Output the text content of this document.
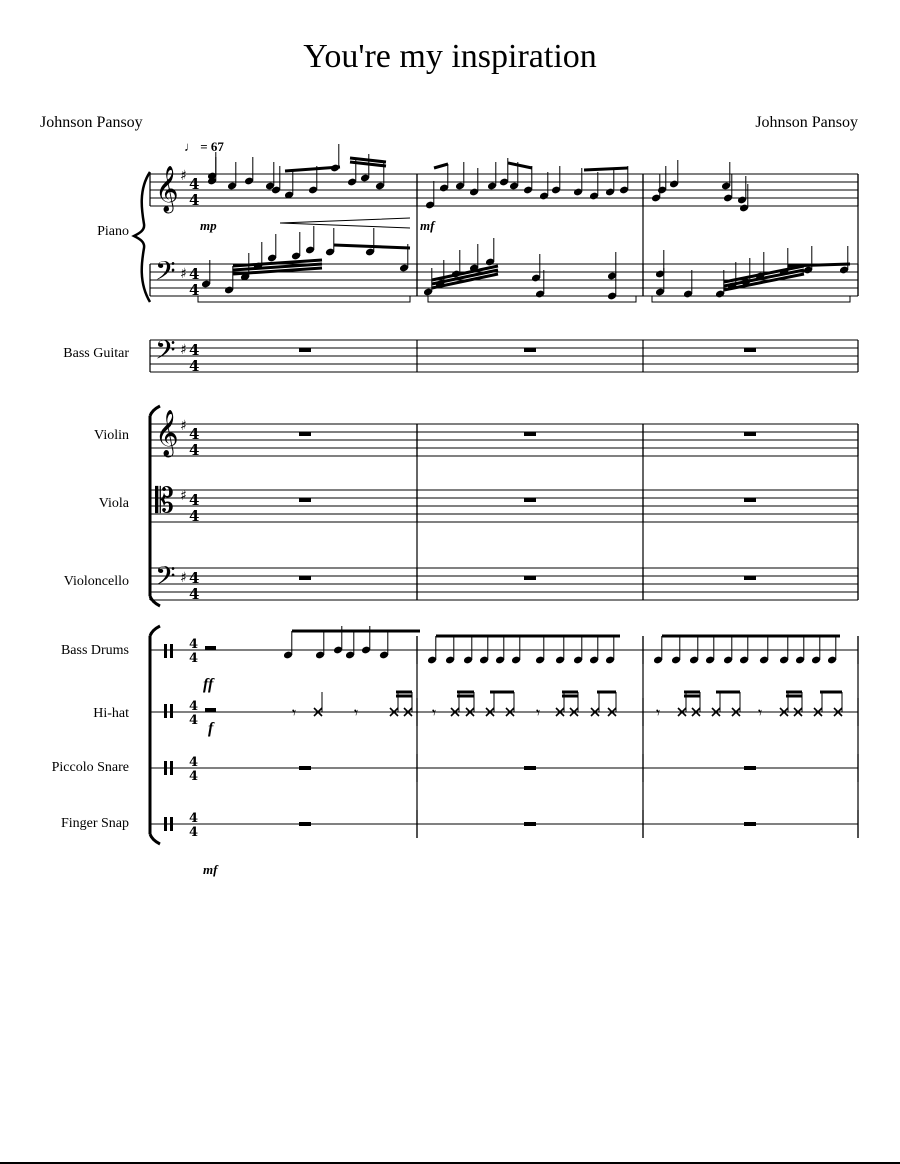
You're my inspiration
Johnson Pansoy	Johnson Pansoy
♩ = 67
Piano
Bass Guitar
Violin
Viola
Violoncello
Bass Drums
Hi-hat
Piccolo Snare
Finger Snap
mp	mf
ff
f
mf
𝄞
𝄢
𝄢
𝄞
𝄡
𝄢
♯
♯
♯
♯
♯
♯
4
4
4
4
4
4
4
4
4
4
4
4
4
4
4
4
4
4
4
4
𝄾	𝄾	𝄾	𝄾	𝄾	𝄾
